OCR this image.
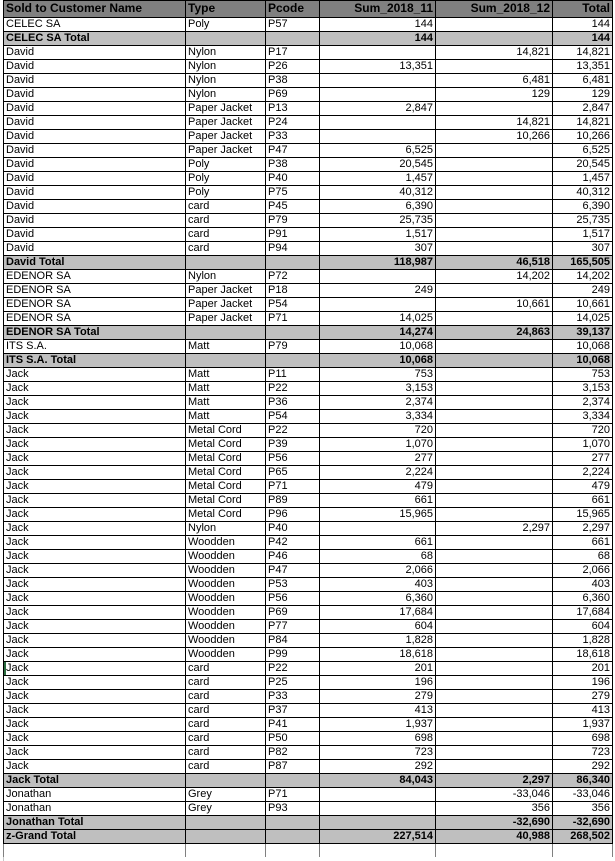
Sold to Customer Name	Type	Pcode	Sum_2018_11	Sum_2018_12	Total
CELEC SA	Poly	P57	144		144
CELEC SA Total			144		144
David	Nylon	P17		14,821	14,821
David	Nylon	P26	13,351		13,351
David	Nylon	P38		6,481	6,481
David	Nylon	P69		129	129
David	Paper Jacket	P13	2,847		2,847
David	Paper Jacket	P24		14,821	14,821
David	Paper Jacket	P33		10,266	10,266
David	Paper Jacket	P47	6,525		6,525
David	Poly	P38	20,545		20,545
David	Poly	P40	1,457		1,457
David	Poly	P75	40,312		40,312
David	card	P45	6,390		6,390
David	card	P79	25,735		25,735
David	card	P91	1,517		1,517
David	card	P94	307		307
David Total			118,987	46,518	165,505
EDENOR SA	Nylon	P72		14,202	14,202
EDENOR SA	Paper Jacket	P18	249		249
EDENOR SA	Paper Jacket	P54		10,661	10,661
EDENOR SA	Paper Jacket	P71	14,025		14,025
EDENOR SA Total			14,274	24,863	39,137
ITS S.A.	Matt	P79	10,068		10,068
ITS S.A. Total			10,068		10,068
Jack	Matt	P11	753		753
Jack	Matt	P22	3,153		3,153
Jack	Matt	P36	2,374		2,374
Jack	Matt	P54	3,334		3,334
Jack	Metal Cord	P22	720		720
Jack	Metal Cord	P39	1,070		1,070
Jack	Metal Cord	P56	277		277
Jack	Metal Cord	P65	2,224		2,224
Jack	Metal Cord	P71	479		479
Jack	Metal Cord	P89	661		661
Jack	Metal Cord	P96	15,965		15,965
Jack	Nylon	P40		2,297	2,297
Jack	Woodden	P42	661		661
Jack	Woodden	P46	68		68
Jack	Woodden	P47	2,066		2,066
Jack	Woodden	P53	403		403
Jack	Woodden	P56	6,360		6,360
Jack	Woodden	P69	17,684		17,684
Jack	Woodden	P77	604		604
Jack	Woodden	P84	1,828		1,828
Jack	Woodden	P99	18,618		18,618
Jack	card	P22	201		201
Jack	card	P25	196		196
Jack	card	P33	279		279
Jack	card	P37	413		413
Jack	card	P41	1,937		1,937
Jack	card	P50	698		698
Jack	card	P82	723		723
Jack	card	P87	292		292
Jack Total			84,043	2,297	86,340
Jonathan	Grey	P71		-33,046	-33,046
Jonathan	Grey	P93		356	356
Jonathan Total				-32,690	-32,690
z-Grand Total			227,514	40,988	268,502
